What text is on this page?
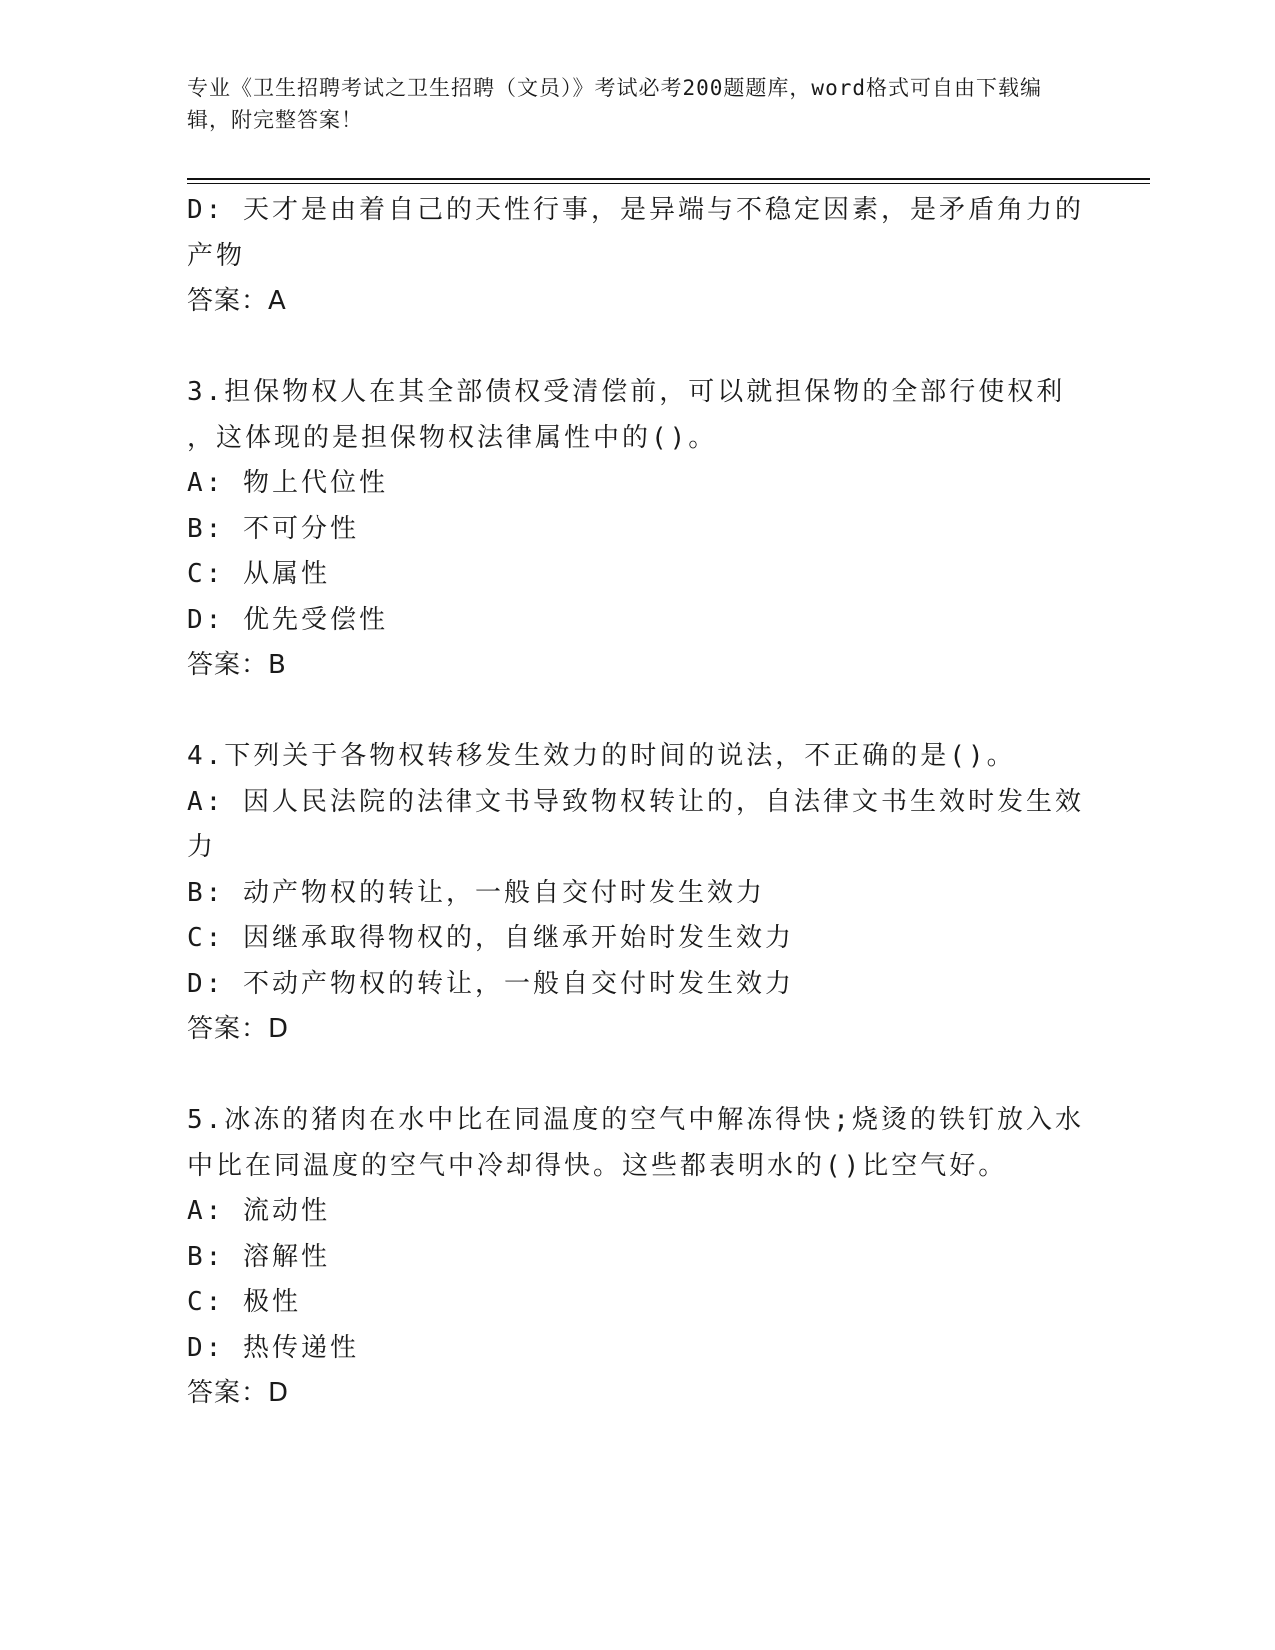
专业《卫生招聘考试之卫生招聘（文员）》考试必考200题题库，word格式可自由下载编辑，附完整答案！
D: 天才是由着自己的天性行事，是异端与不稳定因素，是矛盾角力的
产物
答案：A
3.担保物权人在其全部债权受清偿前，可以就担保物的全部行使权利
，这体现的是担保物权法律属性中的()。
A: 物上代位性
B: 不可分性
C: 从属性
D: 优先受偿性
答案：B
4.下列关于各物权转移发生效力的时间的说法，不正确的是()。
A: 因人民法院的法律文书导致物权转让的，自法律文书生效时发生效
力
B: 动产物权的转让，一般自交付时发生效力
C: 因继承取得物权的，自继承开始时发生效力
D: 不动产物权的转让，一般自交付时发生效力
答案：D
5.冰冻的猪肉在水中比在同温度的空气中解冻得快;烧烫的铁钉放入水
中比在同温度的空气中冷却得快。这些都表明水的()比空气好。
A: 流动性
B: 溶解性
C: 极性
D: 热传递性
答案：D
